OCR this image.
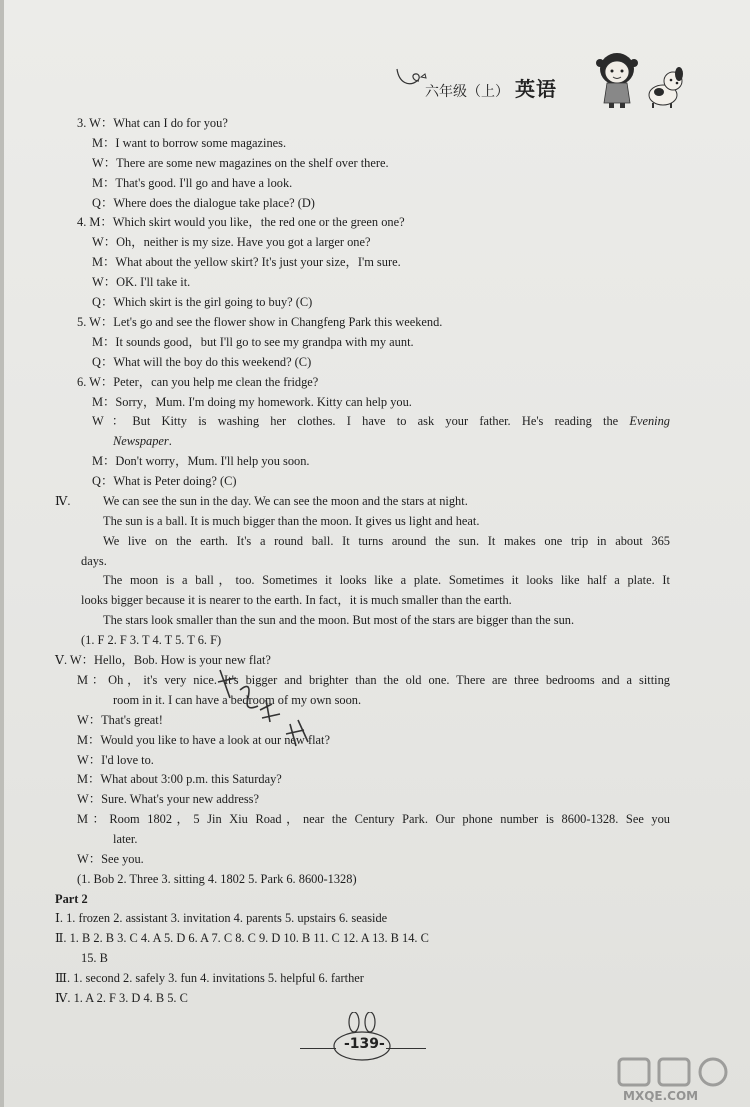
六年级（上） 英语
3. W：What can I do for you?
M：I want to borrow some magazines.
W：There are some new magazines on the shelf over there.
M：That's good. I'll go and have a look.
Q：Where does the dialogue take place? (D)
4. M：Which skirt would you like，the red one or the green one?
W：Oh，neither is my size. Have you got a larger one?
M：What about the yellow skirt? It's just your size，I'm sure.
W：OK. I'll take it.
Q：Which skirt is the girl going to buy? (C)
5. W：Let's go and see the flower show in Changfeng Park this weekend.
M：It sounds good，but I'll go to see my grandpa with my aunt.
Q：What will the boy do this weekend? (C)
6. W：Peter，can you help me clean the fridge?
M：Sorry，Mum. I'm doing my homework. Kitty can help you.
W：But Kitty is washing her clothes. I have to ask your father. He's reading the Evening
Newspaper.
M：Don't worry，Mum. I'll help you soon.
Q：What is Peter doing? (C)
Ⅳ.	We can see the sun in the day. We can see the moon and the stars at night.
The sun is a ball. It is much bigger than the moon. It gives us light and heat.
We live on the earth. It's a round ball. It turns around the sun. It makes one trip in about 365
days.
The moon is a ball，too. Sometimes it looks like a plate. Sometimes it looks like half a plate. It
looks bigger because it is nearer to the earth. In fact，it is much smaller than the earth.
The stars look smaller than the sun and the moon. But most of the stars are bigger than the sun.
(1. F 2. F 3. T 4. T 5. T 6. F)
Ⅴ. W：Hello，Bob. How is your new flat?
M：Oh，it's very nice. It's bigger and brighter than the old one. There are three bedrooms and a sitting
room in it. I can have a bedroom of my own soon.
W：That's great!
M：Would you like to have a look at our new flat?
W：I'd love to.
M：What about 3:00 p.m. this Saturday?
W：Sure. What's your new address?
M：Room 1802，5 Jin Xiu Road，near the Century Park. Our phone number is 8600-1328. See you
later.
W：See you.
(1. Bob 2. Three 3. sitting 4. 1802 5. Park 6. 8600-1328)
Part 2
Ⅰ. 1. frozen 2. assistant 3. invitation 4. parents 5. upstairs 6. seaside
Ⅱ. 1. B 2. B 3. C 4. A 5. D 6. A 7. C 8. C 9. D 10. B 11. C 12. A 13. B 14. C
15. B
Ⅲ. 1. second 2. safely 3. fun 4. invitations 5. helpful 6. farther
Ⅳ. 1. A 2. F 3. D 4. B 5. C
-139-
MXQE.COM
